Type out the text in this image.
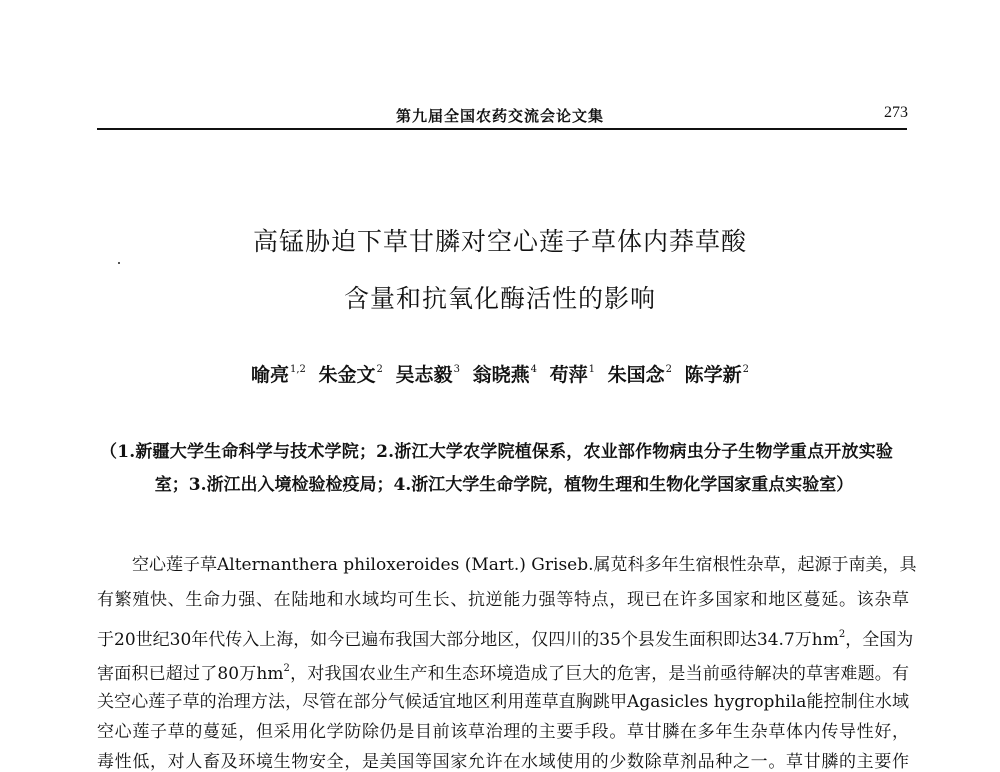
第九届全国农药交流会论文集	273
高锰胁迫下草甘膦对空心莲子草体内莽草酸
含量和抗氧化酶活性的影响
喻亮$^{1,2}$ 朱金文$^2$ 吴志毅$^3$ 翁晓燕$^4$ 苟萍$^1$ 朱国念$^2$ 陈学新$^2$
（1.新疆大学生命科学与技术学院；2.浙江大学农学院植保系，农业部作物病虫分子生物学重点开放实验
室；3.浙江出入境检验检疫局；4.浙江大学生命学院，植物生理和生物化学国家重点实验室）
空心莲子草Alternanthera philoxeroides (Mart.) Griseb.属苋科多年生宿根性杂草，起源于南美，具
有繁殖快、生命力强、在陆地和水域均可生长、抗逆能力强等特点，现已在许多国家和地区蔓延。该杂草
于20世纪30年代传入上海，如今已遍布我国大部分地区，仅四川的35个县发生面积即达34.7万$hm^2$，全国为
害面积已超过了80万$hm^2$，对我国农业生产和生态环境造成了巨大的危害，是当前亟待解决的草害难题。有
关空心莲子草的治理方法，尽管在部分气候适宜地区利用莲草直胸跳甲Agasicles hygrophila能控制住水域
空心莲子草的蔓延，但采用化学防除仍是目前该草治理的主要手段。草甘膦在多年生杂草体内传导性好，
毒性低，对人畜及环境生物安全，是美国等国家允许在水域使用的少数除草剂品种之一。草甘膦的主要作
